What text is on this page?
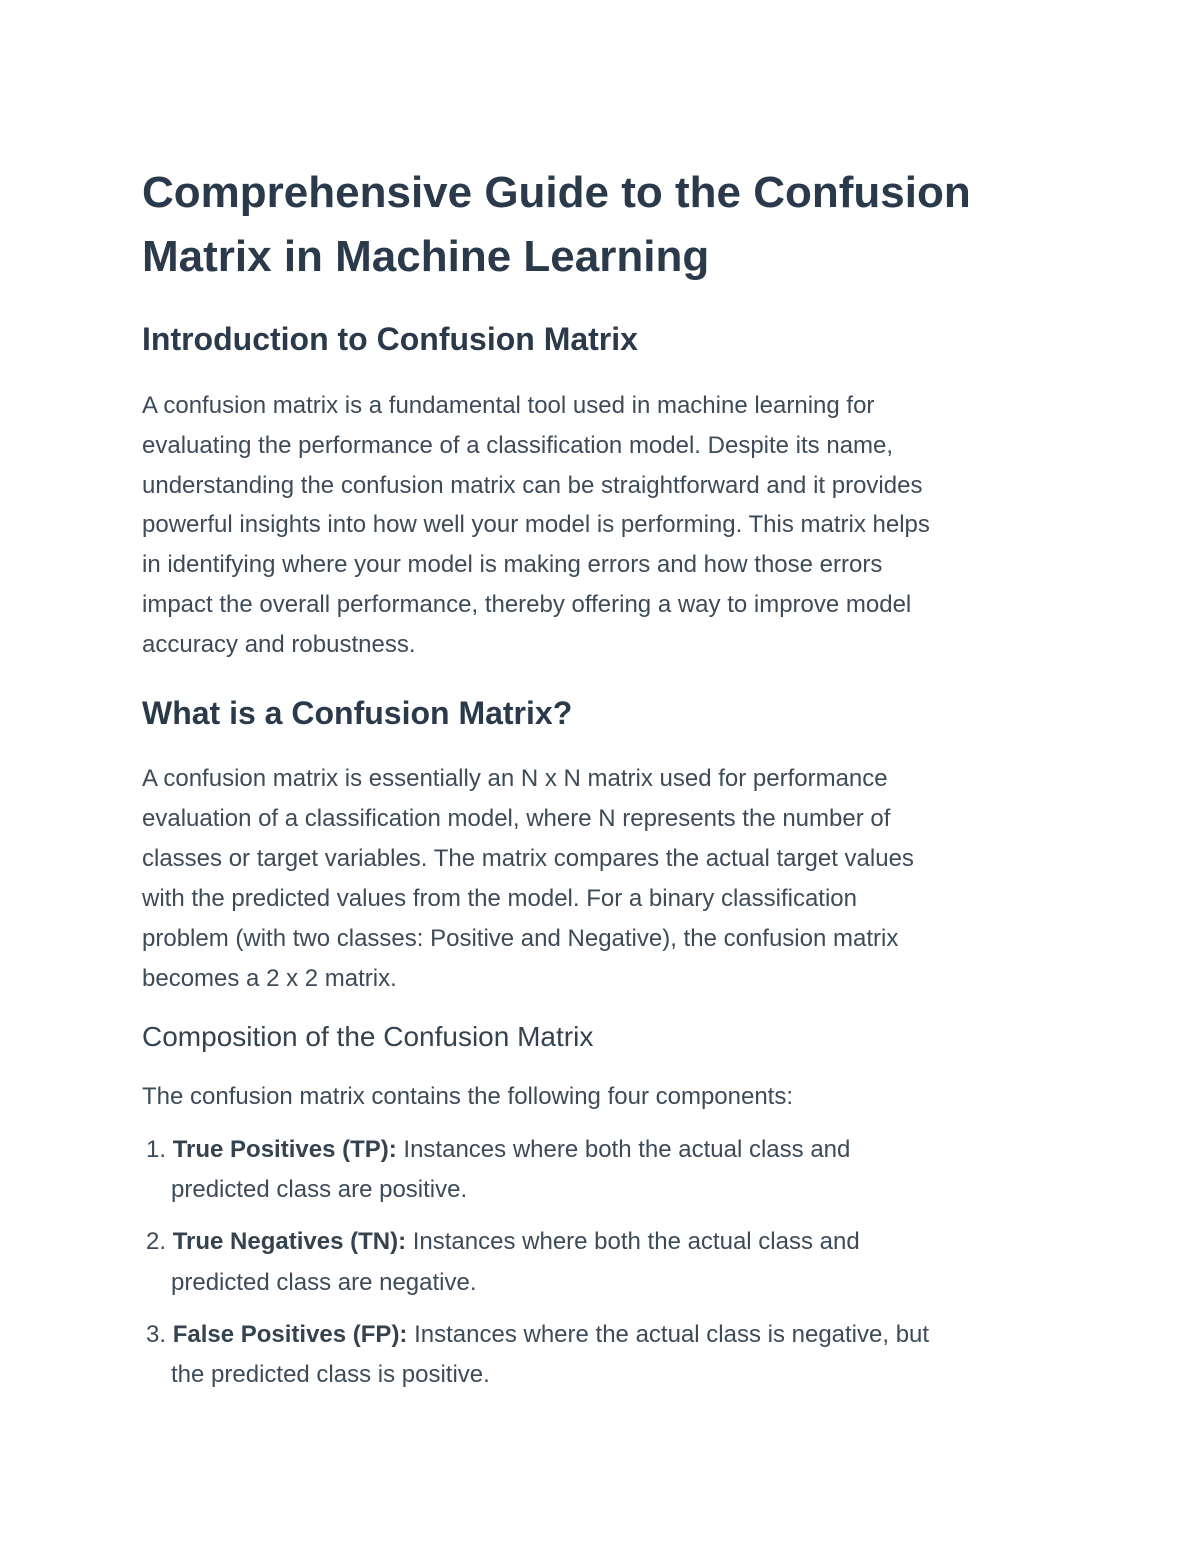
Comprehensive Guide to the Confusion
Matrix in Machine Learning
Introduction to Confusion Matrix
A confusion matrix is a fundamental tool used in machine learning for
evaluating the performance of a classification model. Despite its name,
understanding the confusion matrix can be straightforward and it provides
powerful insights into how well your model is performing. This matrix helps
in identifying where your model is making errors and how those errors
impact the overall performance, thereby offering a way to improve model
accuracy and robustness.
What is a Confusion Matrix?
A confusion matrix is essentially an N x N matrix used for performance
evaluation of a classification model, where N represents the number of
classes or target variables. The matrix compares the actual target values
with the predicted values from the model. For a binary classification
problem (with two classes: Positive and Negative), the confusion matrix
becomes a 2 x 2 matrix.
Composition of the Confusion Matrix
The confusion matrix contains the following four components:
1. True Positives (TP): Instances where both the actual class and
predicted class are positive.
2. True Negatives (TN): Instances where both the actual class and
predicted class are negative.
3. False Positives (FP): Instances where the actual class is negative, but
the predicted class is positive.
